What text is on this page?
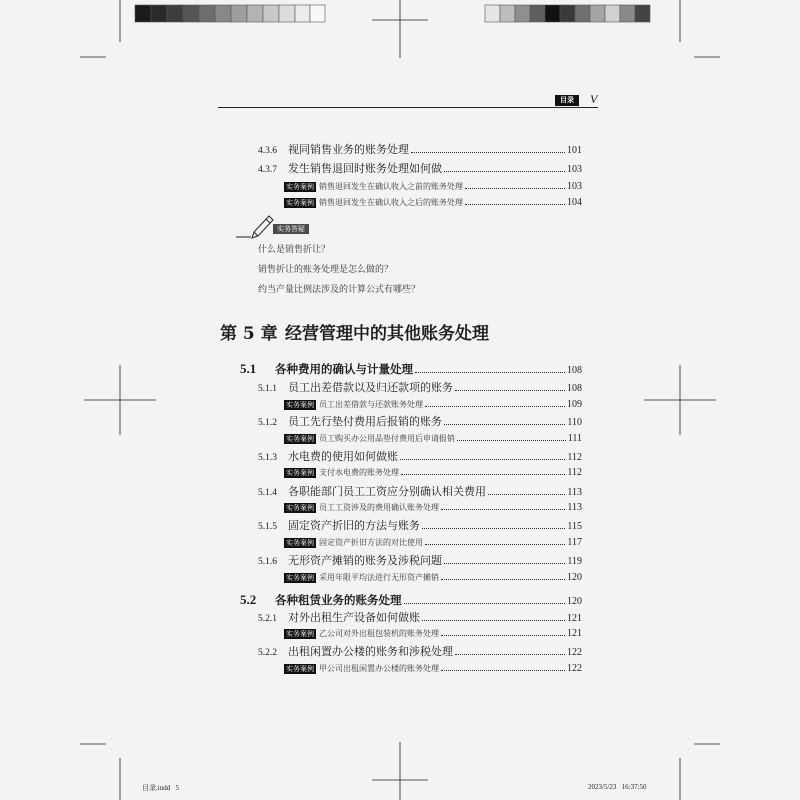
目录	V
4.3.6	视同销售业务的账务处理	101
4.3.7	发生销售退回时账务处理如何做	103
实务案例 销售退回发生在确认收入之前的账务处理	103
实务案例 销售退回发生在确认收入之后的账务处理	104
实务答疑
什么是销售折让？
销售折让的账务处理是怎么做的？
约当产量比例法涉及的计算公式有哪些？
第 5 章 经营管理中的其他账务处理
5.1	各种费用的确认与计量处理	108
5.1.1	员工出差借款以及归还款项的账务	108
实务案例 员工出差借款与还款账务处理	109
5.1.2	员工先行垫付费用后报销的账务	110
实务案例 员工购买办公用品垫付费用后申请报销	111
5.1.3	水电费的使用如何做账	112
实务案例 支付水电费的账务处理	112
5.1.4	各职能部门员工工资应分别确认相关费用	113
实务案例 员工工资涉及的费用确认账务处理	113
5.1.5	固定资产折旧的方法与账务	115
实务案例 固定资产折旧方法的对比使用	117
5.1.6	无形资产摊销的账务及涉税问题	119
实务案例 采用年限平均法进行无形资产摊销	120
5.2	各种租赁业务的账务处理	120
5.2.1	对外出租生产设备如何做账	121
实务案例 乙公司对外出租包装机的账务处理	121
5.2.2	出租闲置办公楼的账务和涉税处理	122
实务案例 甲公司出租闲置办公楼的账务处理	122
目录.indd   5	2023/5/23   16:37:50
